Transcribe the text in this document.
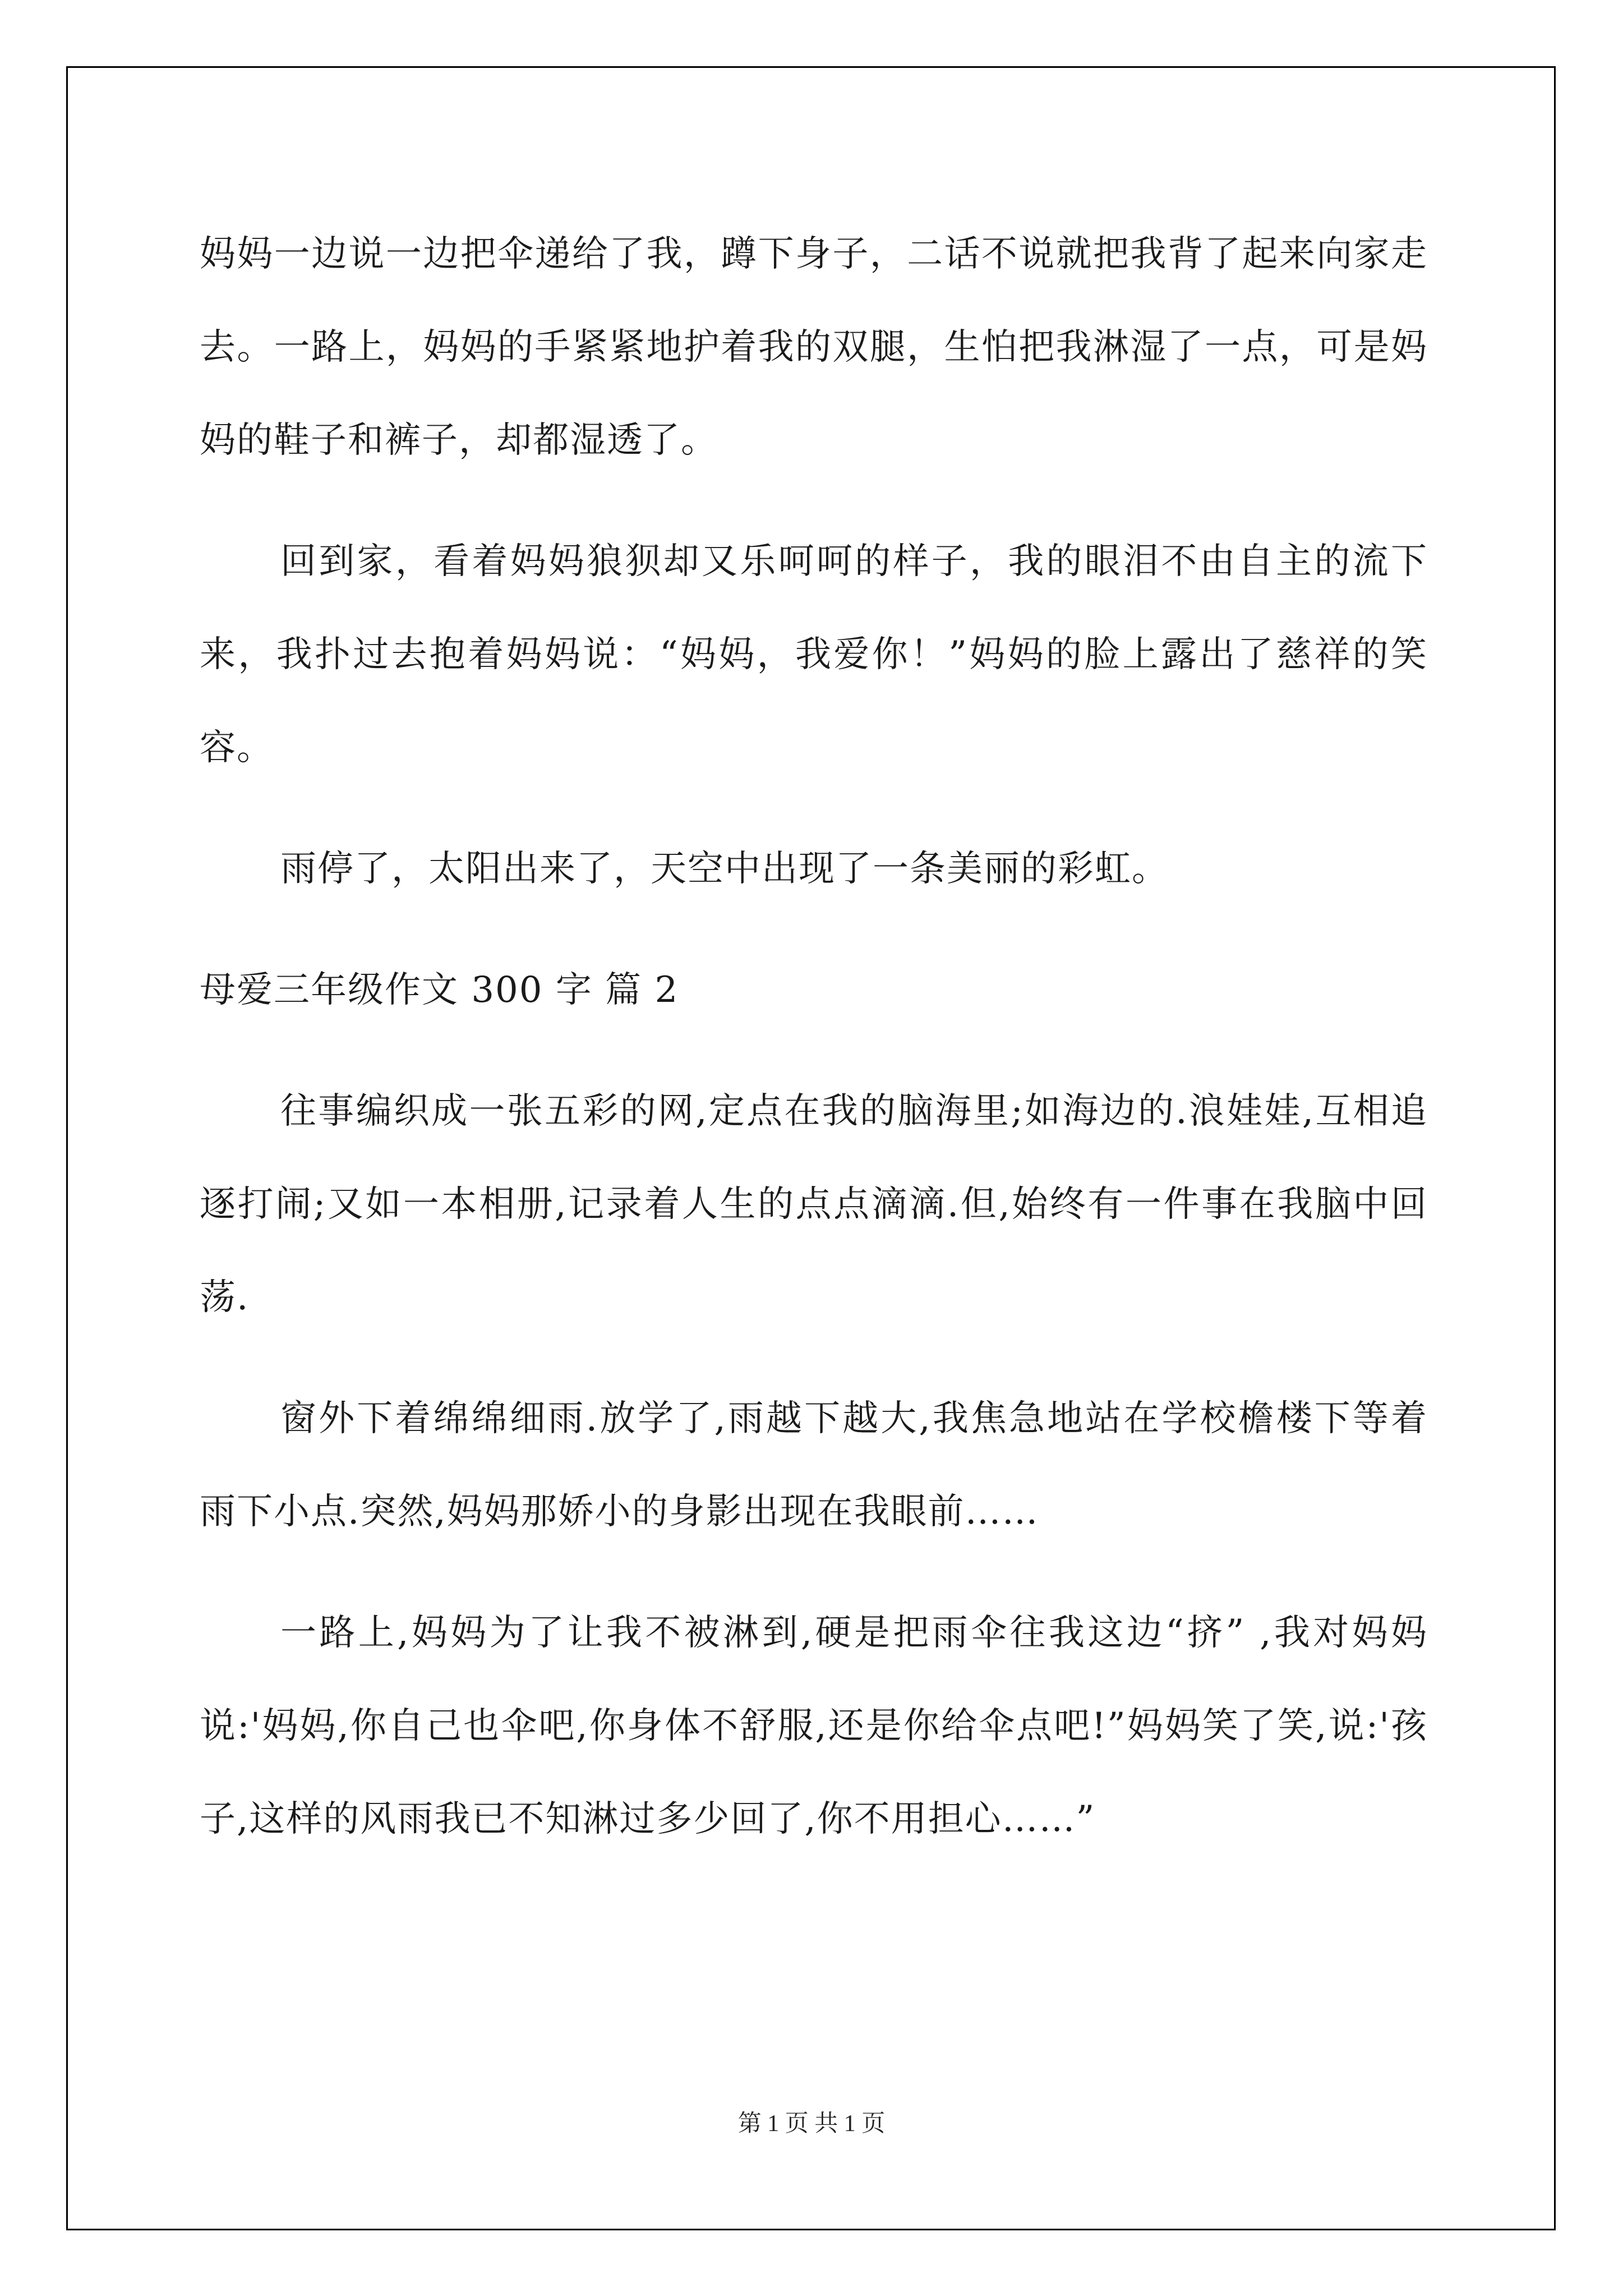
妈妈一边说一边把伞递给了我，蹲下身子，二话不说就把我背了起来向家走去。一路上，妈妈的手紧紧地护着我的双腿，生怕把我淋湿了一点，可是妈妈的鞋子和裤子，却都湿透了。

回到家，看着妈妈狼狈却又乐呵呵的样子，我的眼泪不由自主的流下来，我扑过去抱着妈妈说：“妈妈，我爱你！”妈妈的脸上露出了慈祥的笑容。

雨停了，太阳出来了，天空中出现了一条美丽的彩虹。

母爱三年级作文 300 字 篇 2

往事编织成一张五彩的网,定点在我的脑海里;如海边的.浪娃娃,互相追逐打闹;又如一本相册,记录着人生的点点滴滴.但,始终有一件事在我脑中回荡.

窗外下着绵绵细雨.放学了,雨越下越大,我焦急地站在学校檐楼下等着雨下小点.突然,妈妈那娇小的身影出现在我眼前……

一路上,妈妈为了让我不被淋到,硬是把雨伞往我这边“挤” ,我对妈妈说:'妈妈,你自己也伞吧,你身体不舒服,还是你给伞点吧!”妈妈笑了笑,说:'孩子,这样的风雨我已不知淋过多少回了,你不用担心……”

第 1 页 共 1 页
